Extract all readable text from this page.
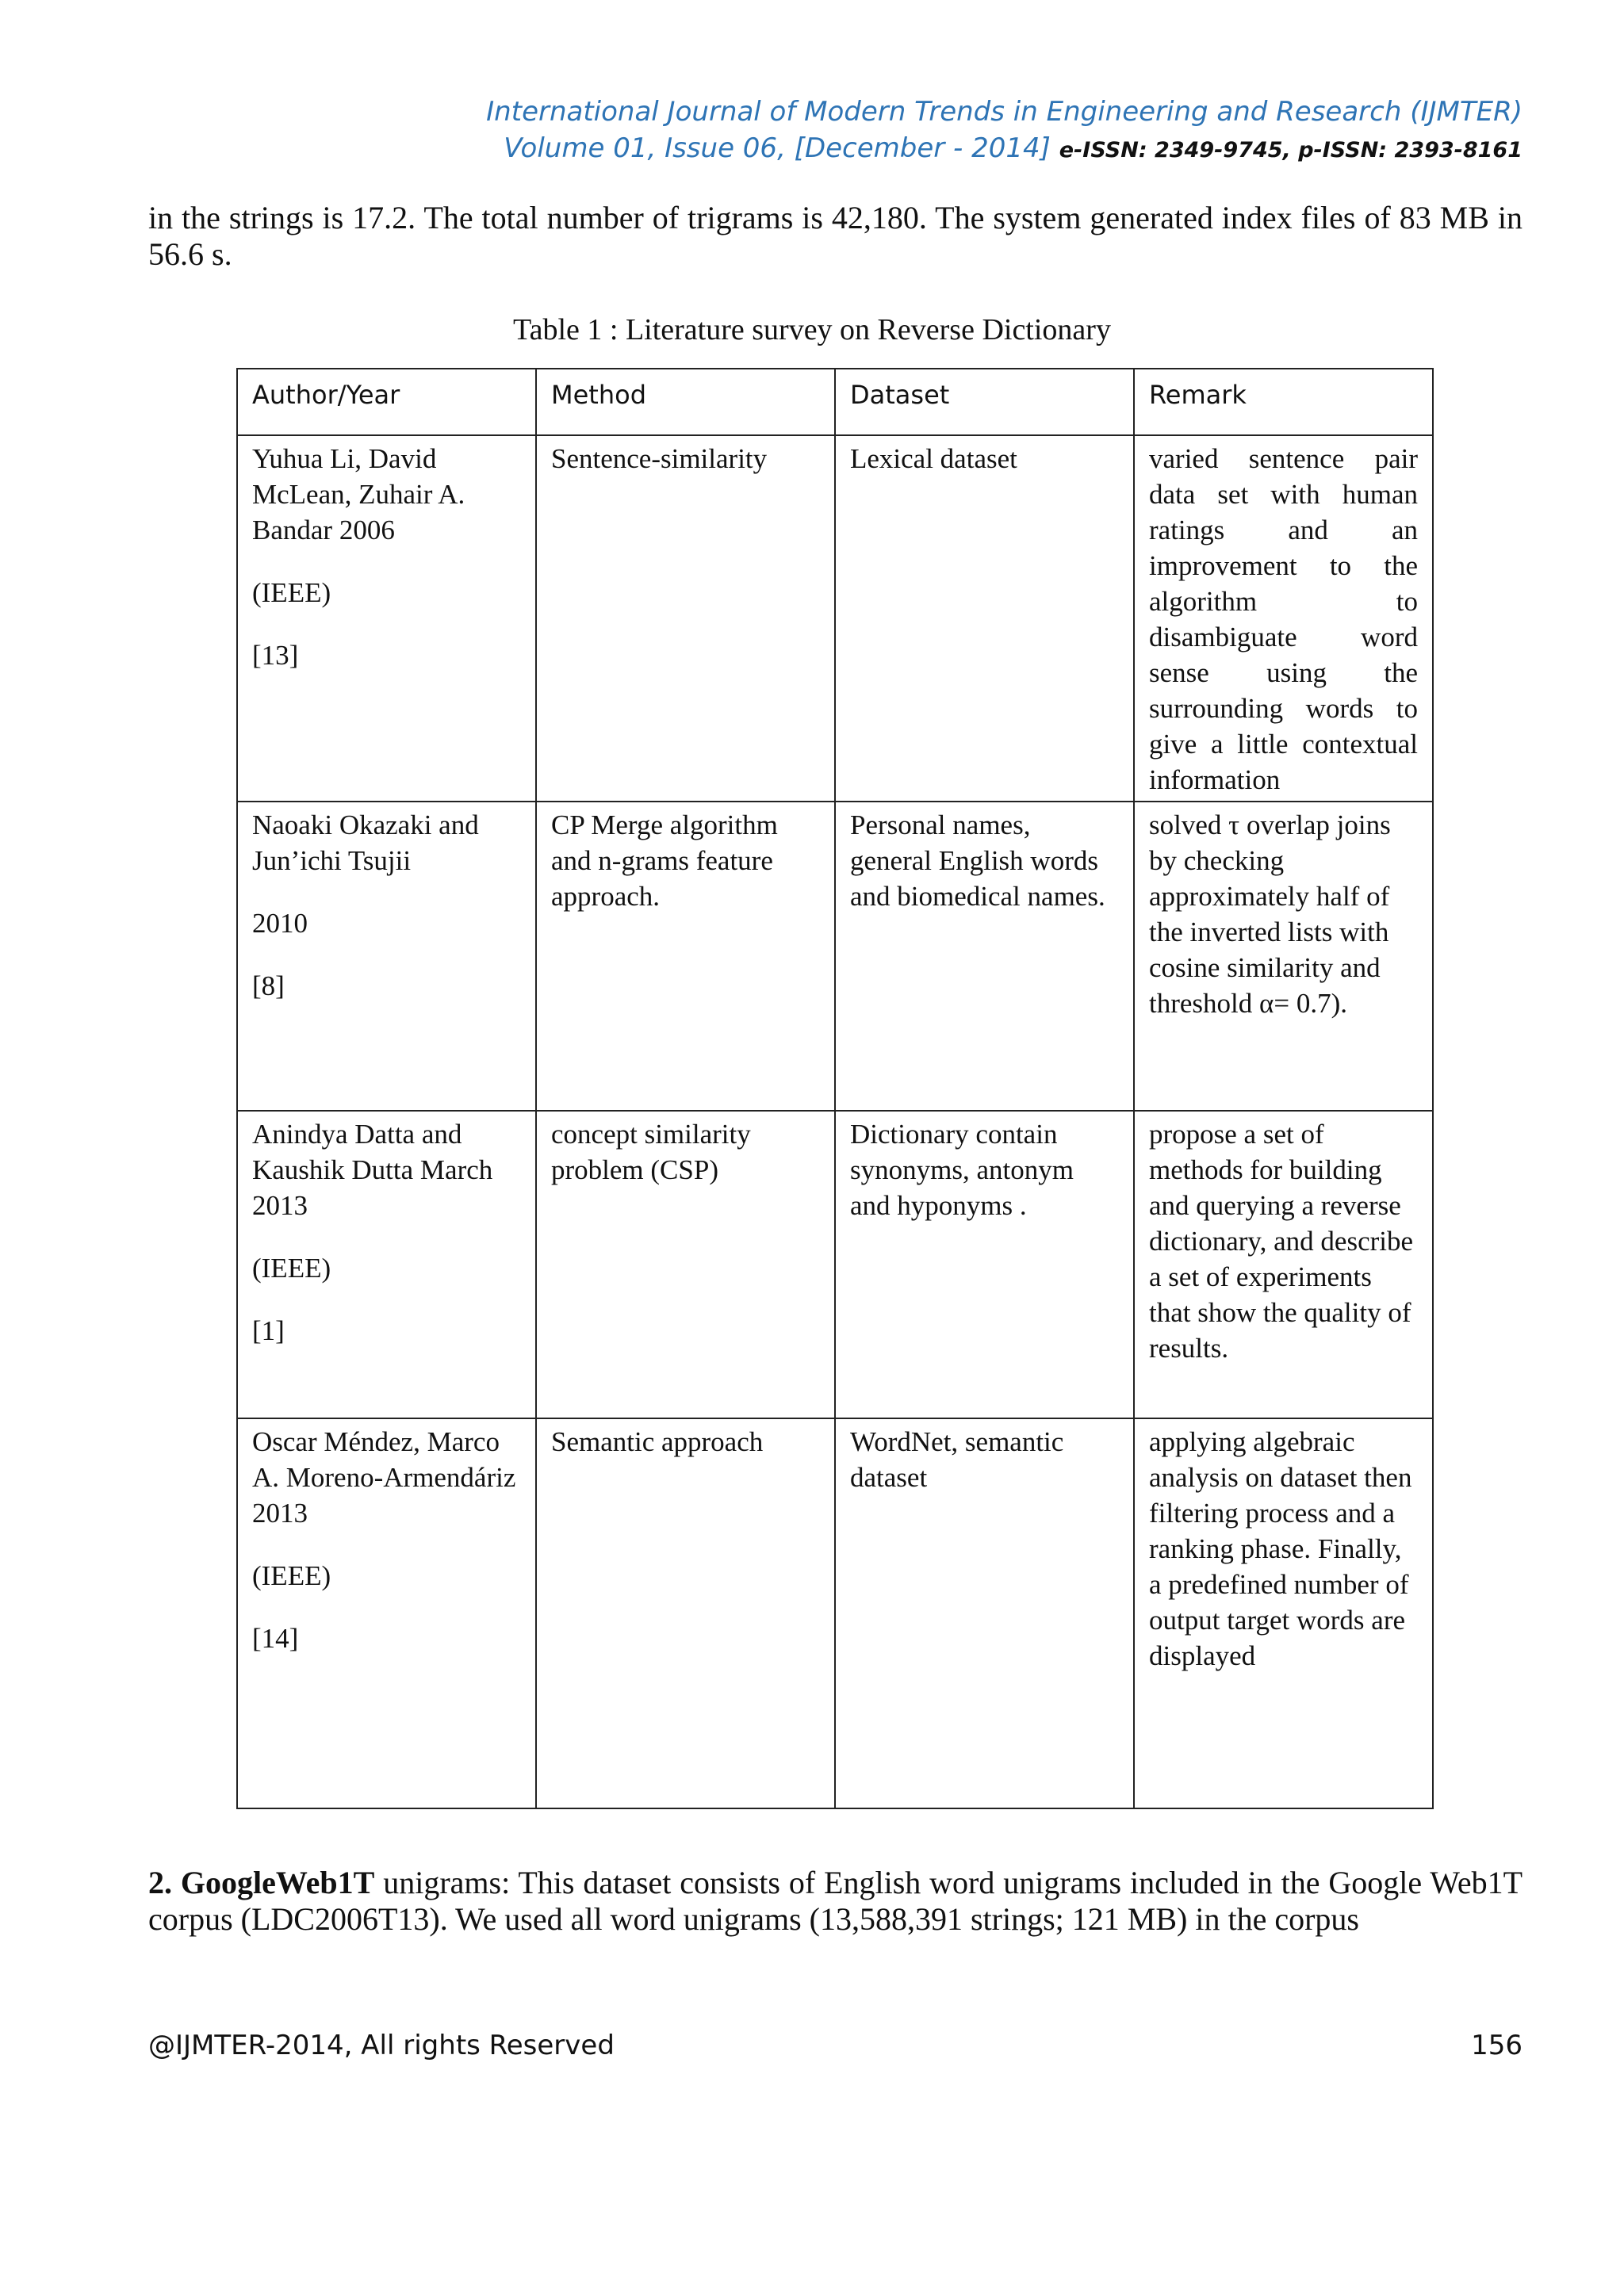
International Journal of Modern Trends in Engineering and Research (IJMTER)
Volume 01, Issue 06, [December - 2014] e-ISSN: 2349-9745, p-ISSN: 2393-8161

in the strings is 17.2. The total number of trigrams is 42,180. The system generated index files of 83 MB in 56.6 s.

Table 1 : Literature survey on Reverse Dictionary
Author/Year	Method	Dataset	Remark

Yuhua Li, David McLean, Zuhair A. Bandar 2006
(IEEE)
[13]	Sentence-similarity	Lexical dataset	varied sentence pair data set with human ratings and an improvement to the algorithm to disambiguate word sense using the surrounding words to give a little contextual information

Naoaki Okazaki and Jun’ichi Tsujii
2010
[8]	CP Merge algorithm and n-grams feature approach.	Personal names, general English words and biomedical names.	solved τ overlap joins by checking approximately half of the inverted lists with cosine similarity and threshold α= 0.7).

Anindya Datta and Kaushik Dutta March 2013
(IEEE)
[1]	concept similarity problem (CSP)	Dictionary contain synonyms, antonym and hyponyms .	propose a set of methods for building and querying a reverse dictionary, and describe a set of experiments that show the quality of results.

Oscar Méndez, Marco A. Moreno-Armendáriz 2013
(IEEE)
[14]	Semantic approach	WordNet, semantic dataset	applying algebraic analysis on dataset then filtering process and a ranking phase. Finally, a predefined number of output target words are displayed

2. GoogleWeb1T unigrams: This dataset consists of English word unigrams included in the Google Web1T corpus (LDC2006T13). We used all word unigrams (13,588,391 strings; 121 MB) in the corpus

@IJMTER-2014, All rights Reserved	156
